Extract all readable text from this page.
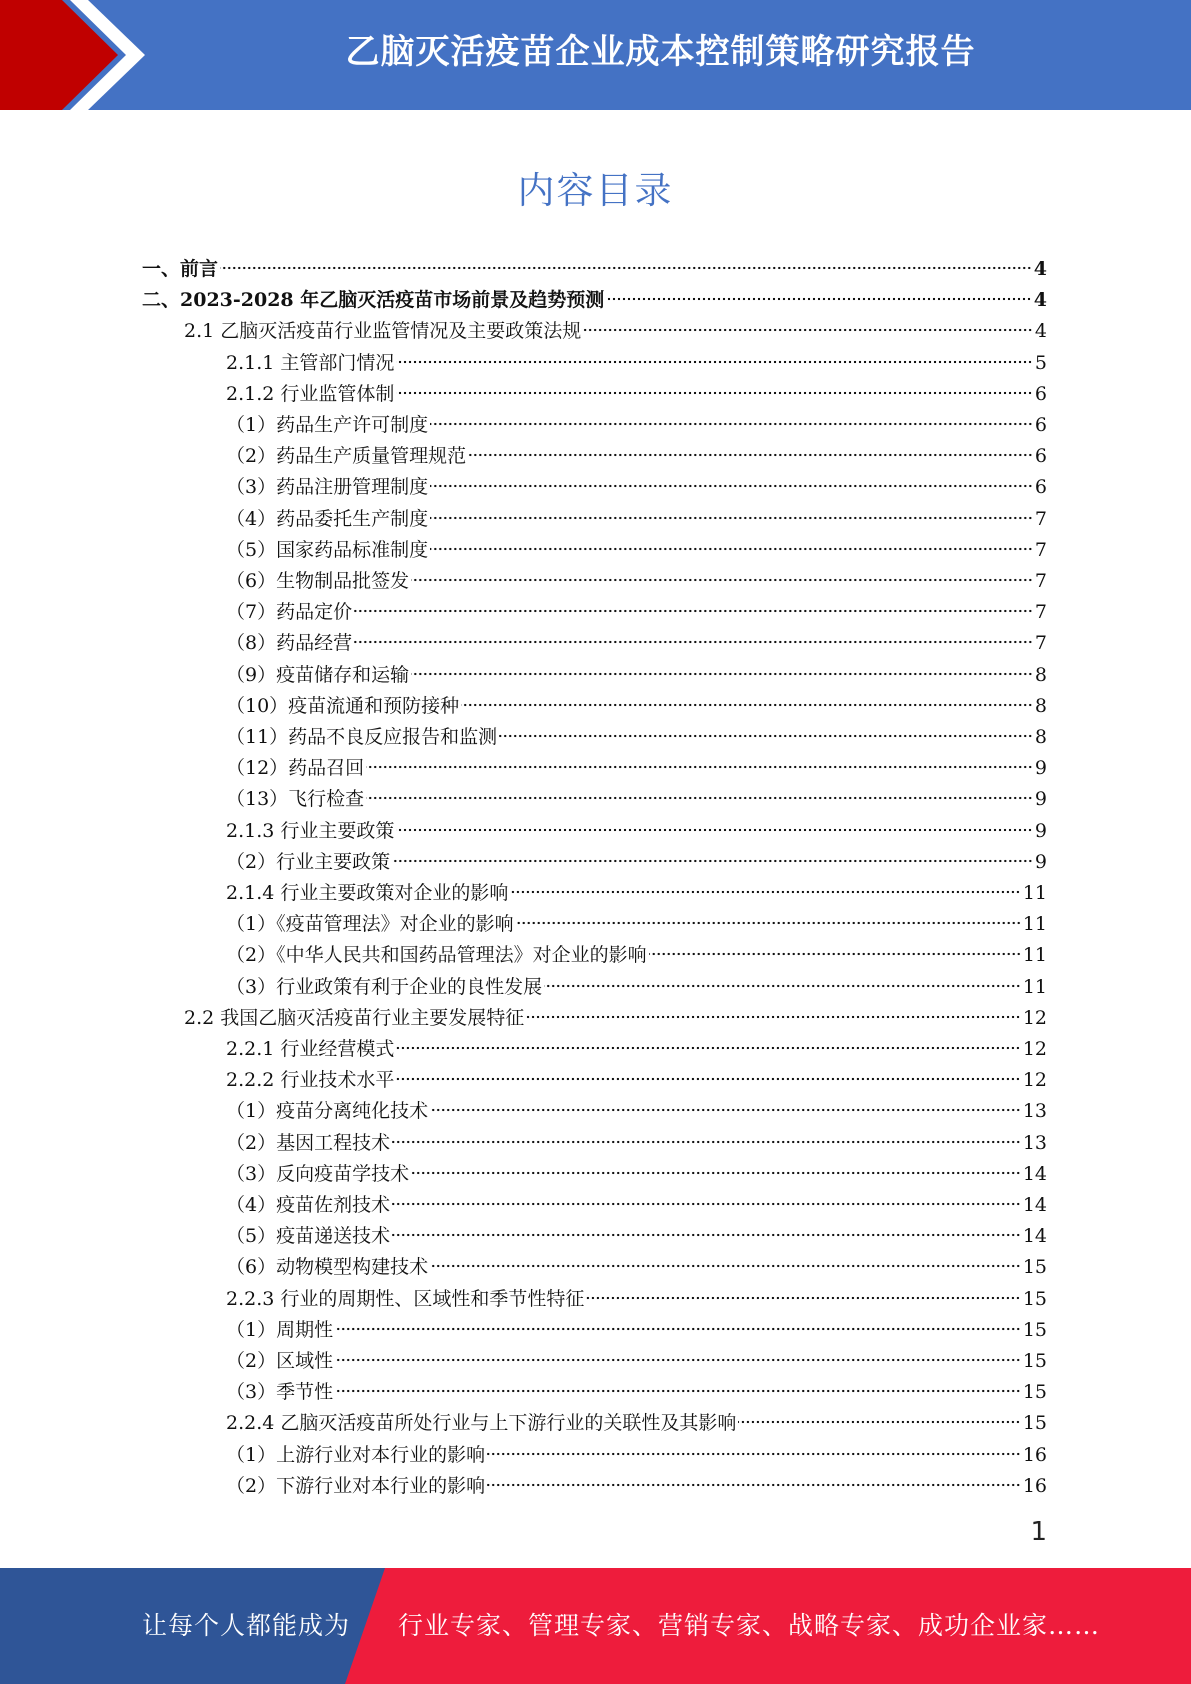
乙脑灭活疫苗企业成本控制策略研究报告
内容目录
一、前言	4
二、2023-2028 年乙脑灭活疫苗市场前景及趋势预测	4
2.1 乙脑灭活疫苗行业监管情况及主要政策法规	4
2.1.1 主管部门情况	5
2.1.2 行业监管体制	6
（1）药品生产许可制度	6
（2）药品生产质量管理规范	6
（3）药品注册管理制度	6
（4）药品委托生产制度	7
（5）国家药品标准制度	7
（6）生物制品批签发	7
（7）药品定价	7
（8）药品经营	7
（9）疫苗储存和运输	8
（10）疫苗流通和预防接种	8
（11）药品不良反应报告和监测	8
（12）药品召回	9
（13）飞行检查	9
2.1.3 行业主要政策	9
（2）行业主要政策	9
2.1.4 行业主要政策对企业的影响	11
（1）《疫苗管理法》对企业的影响	11
（2）《中华人民共和国药品管理法》对企业的影响	11
（3）行业政策有利于企业的良性发展	11
2.2 我国乙脑灭活疫苗行业主要发展特征	12
2.2.1 行业经营模式	12
2.2.2 行业技术水平	12
（1）疫苗分离纯化技术	13
（2）基因工程技术	13
（3）反向疫苗学技术	14
（4）疫苗佐剂技术	14
（5）疫苗递送技术	14
（6）动物模型构建技术	15
2.2.3 行业的周期性、区域性和季节性特征	15
（1）周期性	15
（2）区域性	15
（3）季节性	15
2.2.4 乙脑灭活疫苗所处行业与上下游行业的关联性及其影响	15
（1）上游行业对本行业的影响	16
（2）下游行业对本行业的影响	16
1
让每个人都能成为 行业专家、管理专家、营销专家、战略专家、成功企业家……
